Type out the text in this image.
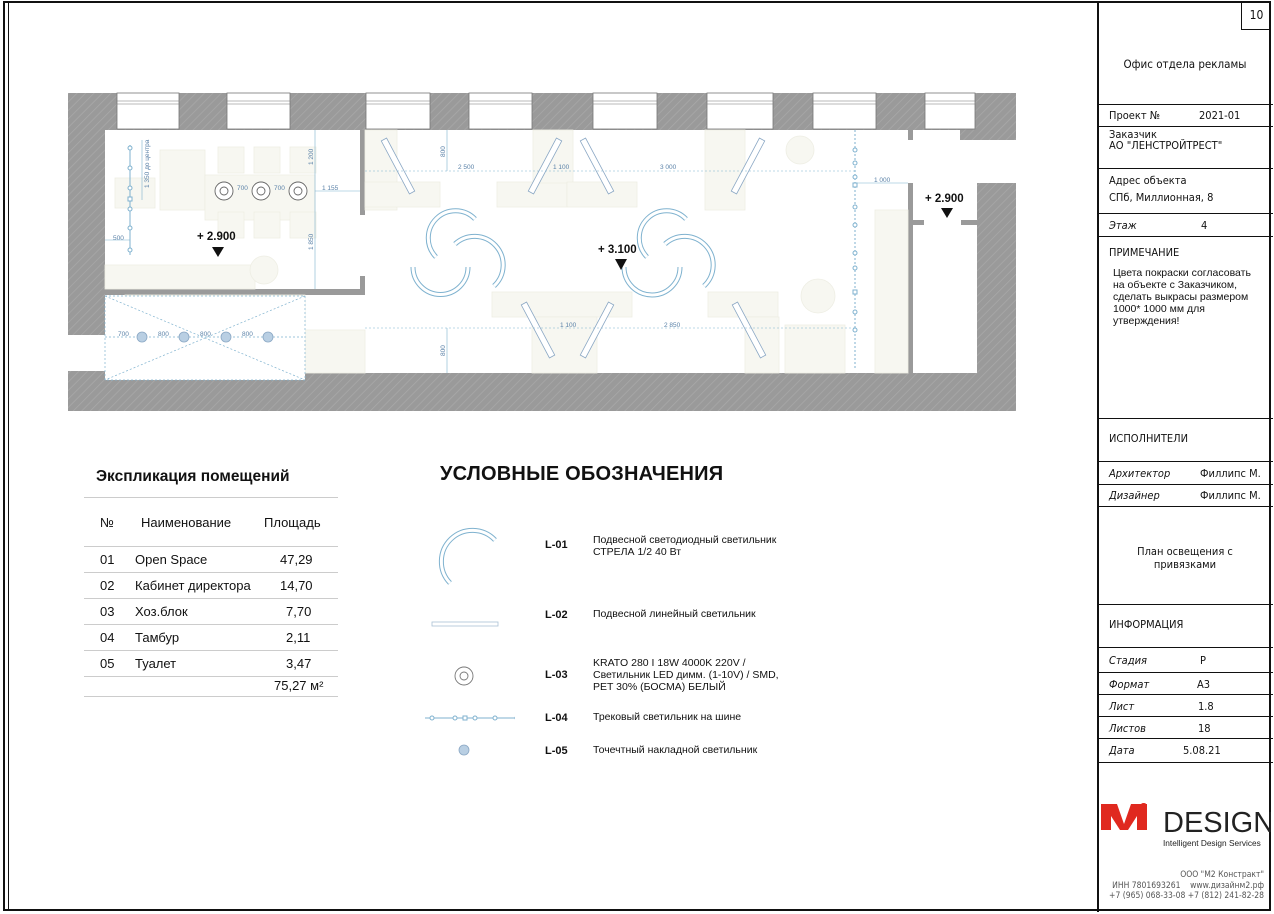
1 350 до центра
700	700	1 155
1 200
1 850
500
700	800	800	800
800
2 500	1 100	3 000
1 000
1 100	2 850
800
+ 2.900
+ 3.100
+ 2.900
Экспликация помещений
№ Наименование	Площадь
01 Open Space	47,29
02 Кабинет директора 14,70
03 Хоз.блок	7,70
04 Тамбур	2,11
05 Туалет	3,47
75,27 м²
УСЛОВНЫЕ ОБОЗНАЧЕНИЯ
L-01 Подвесной светодиодный светильник
СТРЕЛА 1/2 40 Вт
L-02 Подвесной линейный светильник
L-03
KRATO 280 I 18W 4000K 220V /
Светильник LED димм. (1-10V) / SMD,
PET 30% (БОСМА) БЕЛЫЙ
L-04 Трековый светильник на шине
L-05 Точечтный накладной светильник
10
Офис отдела рекламы
Проект №	2021-01
Заказчик
АО "ЛЕНСТРОЙТРЕСТ"
Адрес объекта
СПб, Миллионная, 8
Этаж	4
ПРИМЕЧАНИЕ
Цвета покраски согласовать на объекте с Заказчиком, сделать выкрасы размером 1000* 1000 мм для утверждения!
ИСПОЛНИТЕЛИ
Архитектор	Филлипс М.
Дизайнер	Филлипс М.
План освещения с привязками
ИНФОРМАЦИЯ
Стадия	Р
Формат	А3
Лист	1.8
Листов	18
Дата	5.08.21
2 DESIGN
Intelligent Design Services
ООО "М2 Констракт"
ИНН 7801693261 www.дизайнм2.рф
+7 (965) 068-33-08 +7 (812) 241-82-28
